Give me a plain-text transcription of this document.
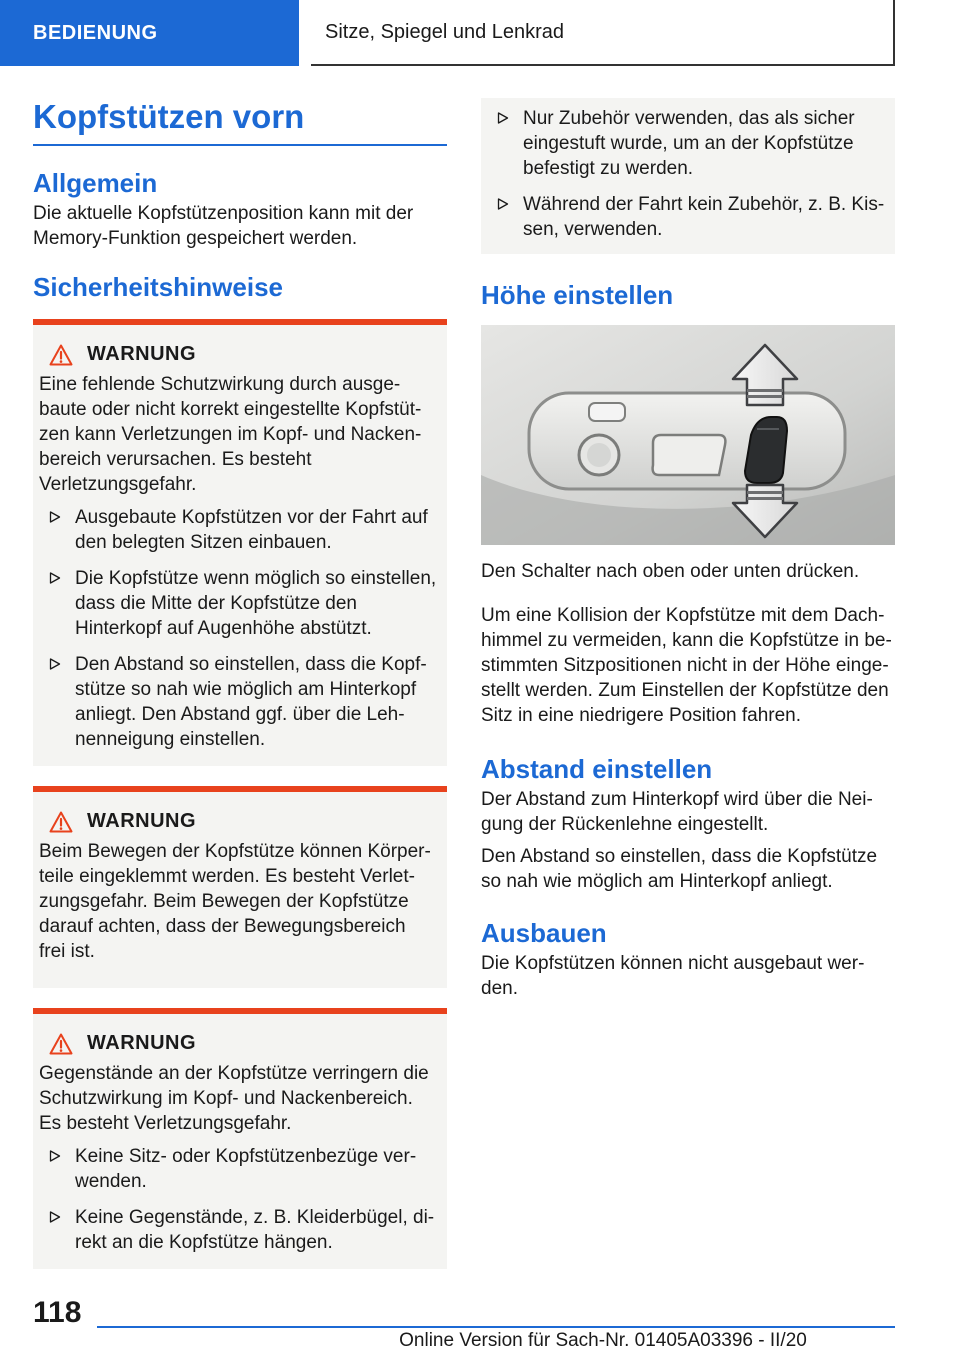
BEDIENUNG	Sitze, Spiegel und Lenkrad
Kopfstützen vorn
Allgemein

Die aktuelle Kopfstützenposition kann mit der Memory-Funktion gespeichert werden.

Sicherheitshinweise
WARNUNG
Eine fehlende Schutzwirkung durch ausgebaute oder nicht korrekt eingestellte Kopfstützen kann Verletzungen im Kopf- und Nackenbereich verursachen. Es besteht Verletzungsgefahr.
Ausgebaute Kopfstützen vor der Fahrt auf den belegten Sitzen einbauen.
Die Kopfstütze wenn möglich so einstellen, dass die Mitte der Kopfstütze den Hinterkopf auf Augenhöhe abstützt.
Den Abstand so einstellen, dass die Kopfstütze so nah wie möglich am Hinterkopf anliegt. Den Abstand ggf. über die Lehnenneigung einstellen.
WARNUNG
Beim Bewegen der Kopfstütze können Körperteile eingeklemmt werden. Es besteht Verletzungsgefahr. Beim Bewegen der Kopfstütze darauf achten, dass der Bewegungsbereich frei ist.
WARNUNG
Gegenstände an der Kopfstütze verringern die Schutzwirkung im Kopf- und Nackenbereich. Es besteht Verletzungsgefahr.
Keine Sitz- oder Kopfstützenbezüge verwenden.
Keine Gegenstände, z. B. Kleiderbügel, direkt an die Kopfstütze hängen.
Nur Zubehör verwenden, das als sicher eingestuft wurde, um an der Kopfstütze befestigt zu werden.
Während der Fahrt kein Zubehör, z. B. Kissen, verwenden.
Höhe einstellen

Den Schalter nach oben oder unten drücken.

Um eine Kollision der Kopfstütze mit dem Dachhimmel zu vermeiden, kann die Kopfstütze in bestimmten Sitzpositionen nicht in der Höhe eingestellt werden. Zum Einstellen der Kopfstütze den Sitz in eine niedrigere Position fahren.

Abstand einstellen

Der Abstand zum Hinterkopf wird über die Neigung der Rückenlehne eingestellt.

Den Abstand so einstellen, dass die Kopfstütze so nah wie möglich am Hinterkopf anliegt.

Ausbauen

Die Kopfstützen können nicht ausgebaut werden.

118
Online Version für Sach-Nr. 01405A03396 - II/20
